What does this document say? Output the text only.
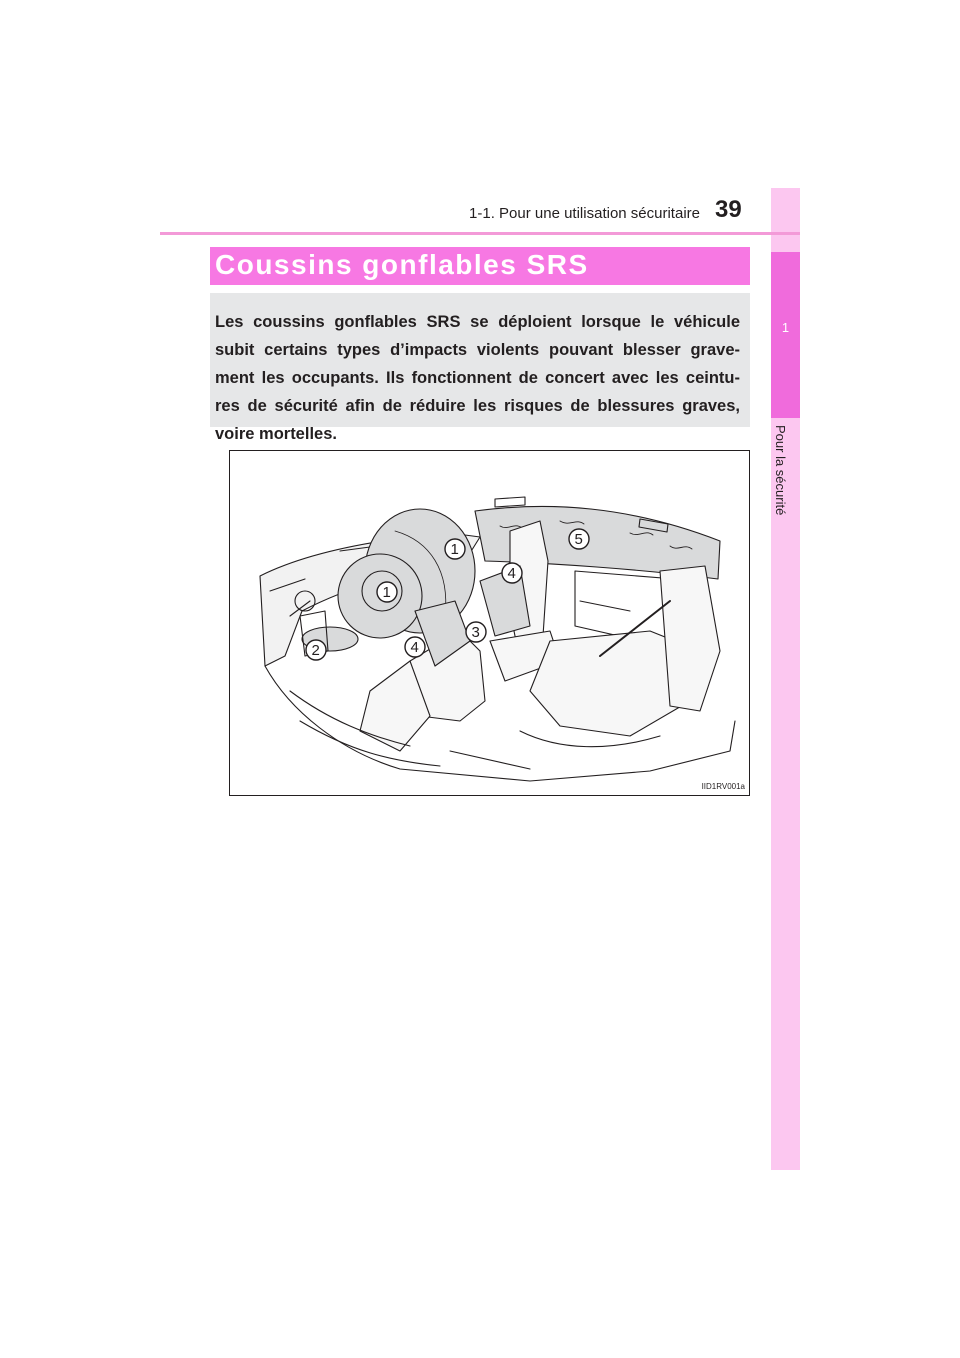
1
Pour la sécurité
1-1. Pour une utilisation sécuritaire 39
Coussins gonflables SRS

Les coussins gonflables SRS se déploient lorsque le véhicule subit certains types d’impacts violents pouvant blesser grave-ment les occupants. Ils fonctionnent de concert avec les ceintu-res de sécurité afin de réduire les risques de blessures graves, voire mortelles.

1
1
2
3
4
4
5
IID1RV001a
